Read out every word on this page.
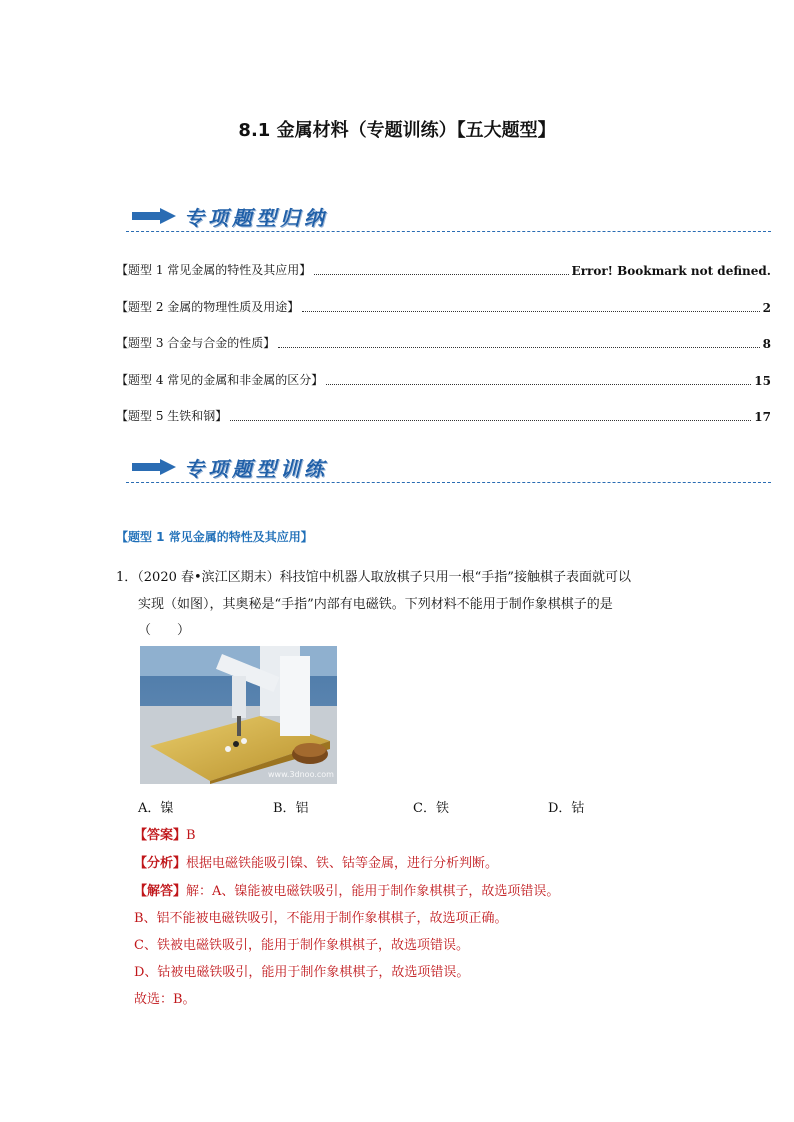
8.1 金属材料（专题训练）【五大题型】
专项题型归纳
【题型 1 常见金属的特性及其应用】	Error! Bookmark not defined.
【题型 2 金属的物理性质及用途】	2
【题型 3 合金与合金的性质】	8
【题型 4 常见的金属和非金属的区分】	15
【题型 5 生铁和钢】	17
专项题型训练
【题型 1 常见金属的特性及其应用】
1．（2020 春•滨江区期末）科技馆中机器人取放棋子只用一根“手指”接触棋子表面就可以
实现（如图），其奥秘是“手指”内部有电磁铁。下列材料不能用于制作象棋棋子的是
（　　）
www.3dnoo.com
A．镍	B．铝	C．铁	D．钴
【答案】B
【分析】根据电磁铁能吸引镍、铁、钴等金属，进行分析判断。
【解答】解：A、镍能被电磁铁吸引，能用于制作象棋棋子，故选项错误。
B、铝不能被电磁铁吸引，不能用于制作象棋棋子，故选项正确。
C、铁被电磁铁吸引，能用于制作象棋棋子，故选项错误。
D、钴被电磁铁吸引，能用于制作象棋棋子，故选项错误。
故选：B。
